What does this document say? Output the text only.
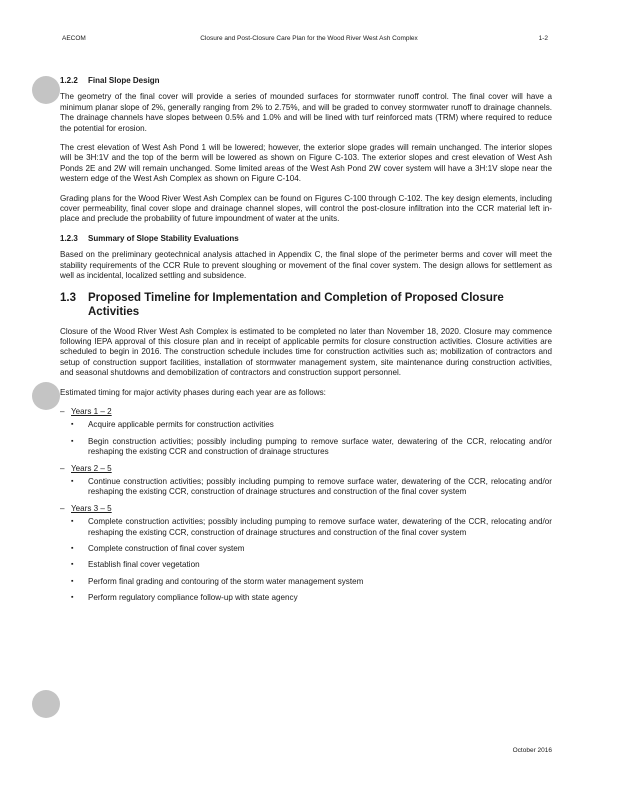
AECOM	Closure and Post-Closure Care Plan for the Wood River West Ash Complex	1-2
1.2.2 Final Slope Design

The geometry of the final cover will provide a series of mounded surfaces for stormwater runoff control. The final cover will have a minimum planar slope of 2%, generally ranging from 2% to 2.75%, and will be graded to convey stormwater runoff to drainage channels. The drainage channels have slopes between 0.5% and 1.0% and will be lined with turf reinforced mats (TRM) where required to reduce the potential for erosion.

The crest elevation of West Ash Pond 1 will be lowered; however, the exterior slope grades will remain unchanged. The interior slopes will be 3H:1V and the top of the berm will be lowered as shown on Figure C-103. The exterior slopes and crest elevation of West Ash Ponds 2E and 2W will remain unchanged. Some limited areas of the West Ash Pond 2W cover system will have a 3H:1V slope near the western edge of the West Ash Complex as shown on Figure C-104.

Grading plans for the Wood River West Ash Complex can be found on Figures C-100 through C-102. The key design elements, including cover permeability, final cover slope and drainage channel slopes, will control the post-closure infiltration into the CCR material left in-place and preclude the probability of future impoundment of water at the units.

1.2.3 Summary of Slope Stability Evaluations

Based on the preliminary geotechnical analysis attached in Appendix C, the final slope of the perimeter berms and cover will meet the stability requirements of the CCR Rule to prevent sloughing or movement of the final cover system. The design allows for settlement as well as incidental, localized settling and subsidence.

1.3	Proposed Timeline for Implementation and Completion of Proposed Closure Activities

Closure of the Wood River West Ash Complex is estimated to be completed no later than November 18, 2020. Closure may commence following IEPA approval of this closure plan and in receipt of applicable permits for closure construction activities. Closure activities are scheduled to begin in 2016. The construction schedule includes time for construction activities such as; mobilization of contractors and setup of construction support facilities, installation of stormwater management system, site maintenance during construction activities, and seasonal shutdowns and demobilization of contractors and construction support personnel.

Estimated timing for major activity phases during each year are as follows:

– Years 1 – 2
▪ Acquire applicable permits for construction activities
▪ Begin construction activities; possibly including pumping to remove surface water, dewatering of the CCR, relocating and/or reshaping the existing CCR and construction of drainage structures
– Years 2 – 5
▪ Continue construction activities; possibly including pumping to remove surface water, dewatering of the CCR, relocating and/or reshaping the existing CCR, construction of drainage structures and construction of the final cover system
– Years 3 – 5
▪ Complete construction activities; possibly including pumping to remove surface water, dewatering of the CCR, relocating and/or reshaping the existing CCR, construction of drainage structures and construction of the final cover system
▪ Complete construction of final cover system
▪ Establish final cover vegetation
▪ Perform final grading and contouring of the storm water management system
▪ Perform regulatory compliance follow-up with state agency
October 2016
